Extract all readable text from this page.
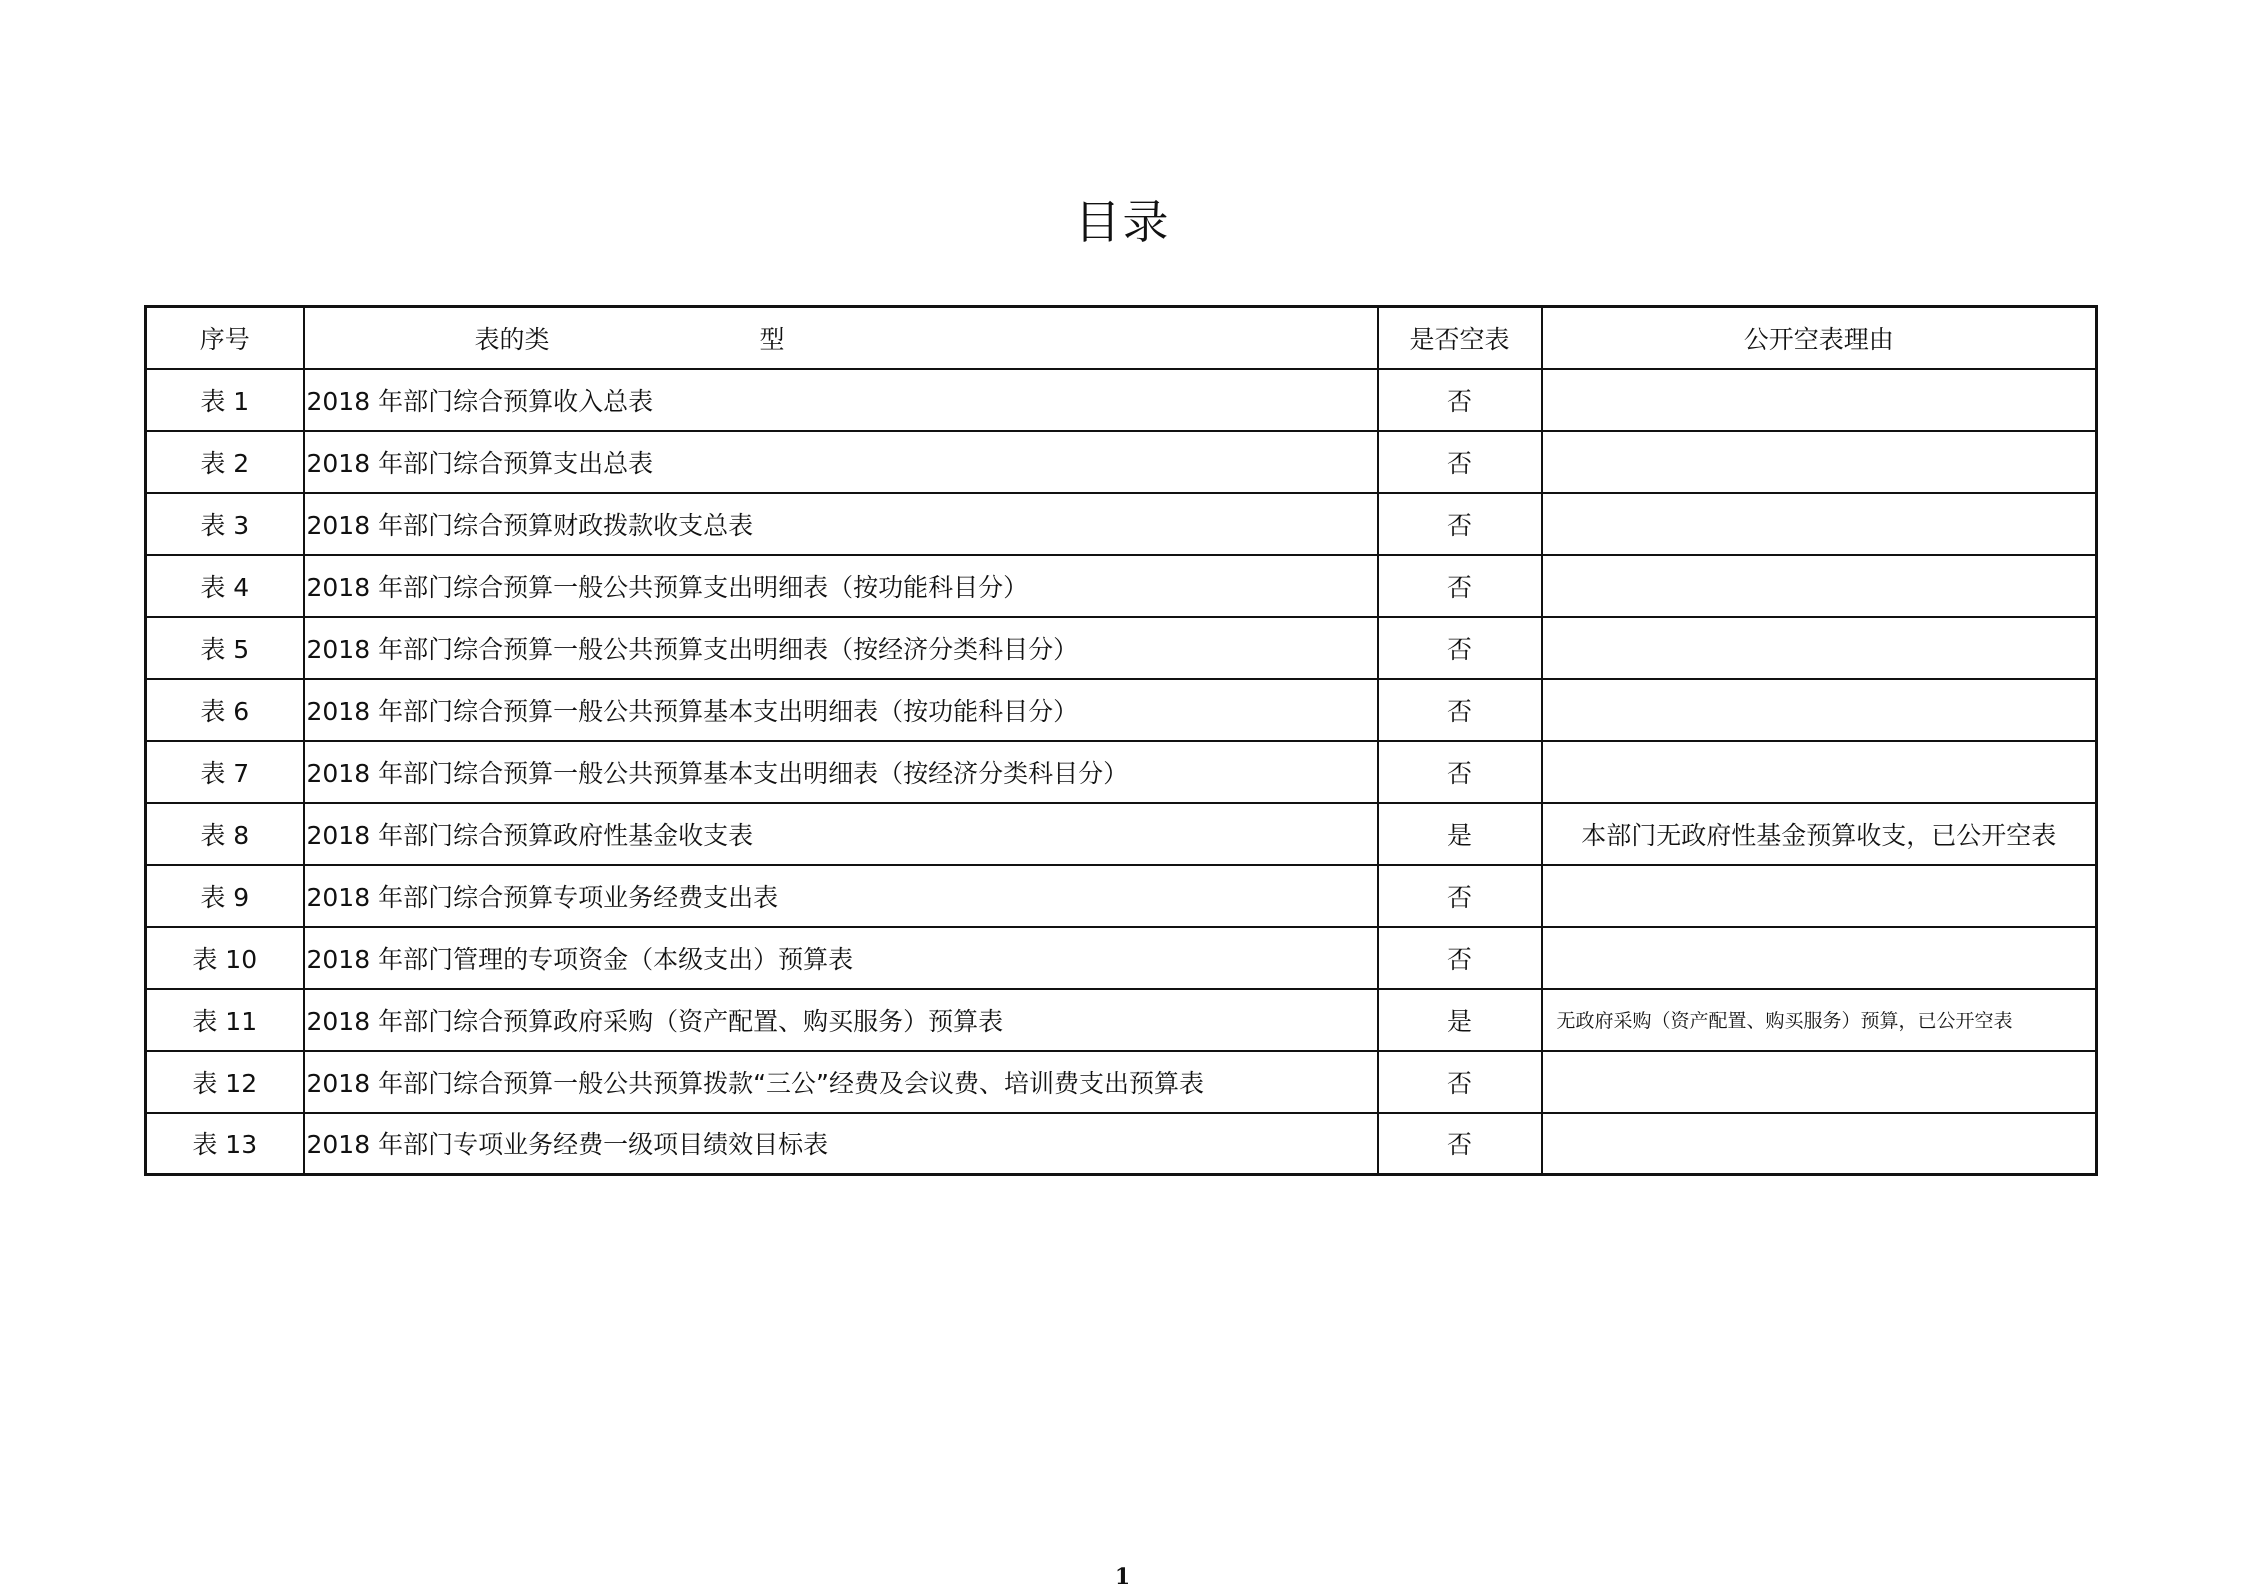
目录
序号	表的类 型	是否空表	公开空表理由
表 1	2018 年部门综合预算收入总表	否	
表 2	2018 年部门综合预算支出总表	否	
表 3	2018 年部门综合预算财政拨款收支总表	否	
表 4	2018 年部门综合预算一般公共预算支出明细表（按功能科目分）	否	
表 5	2018 年部门综合预算一般公共预算支出明细表（按经济分类科目分）	否	
表 6	2018 年部门综合预算一般公共预算基本支出明细表（按功能科目分）	否	
表 7	2018 年部门综合预算一般公共预算基本支出明细表（按经济分类科目分）	否	
表 8	2018 年部门综合预算政府性基金收支表	是	本部门无政府性基金预算收支，已公开空表
表 9	2018 年部门综合预算专项业务经费支出表	否	
表 10	2018 年部门管理的专项资金（本级支出）预算表	否	
表 11	2018 年部门综合预算政府采购（资产配置、购买服务）预算表	是	无政府采购（资产配置、购买服务）预算，已公开空表
表 12	2018 年部门综合预算一般公共预算拨款“三公”经费及会议费、培训费支出预算表	否	
表 13	2018 年部门专项业务经费一级项目绩效目标表	否	
1
